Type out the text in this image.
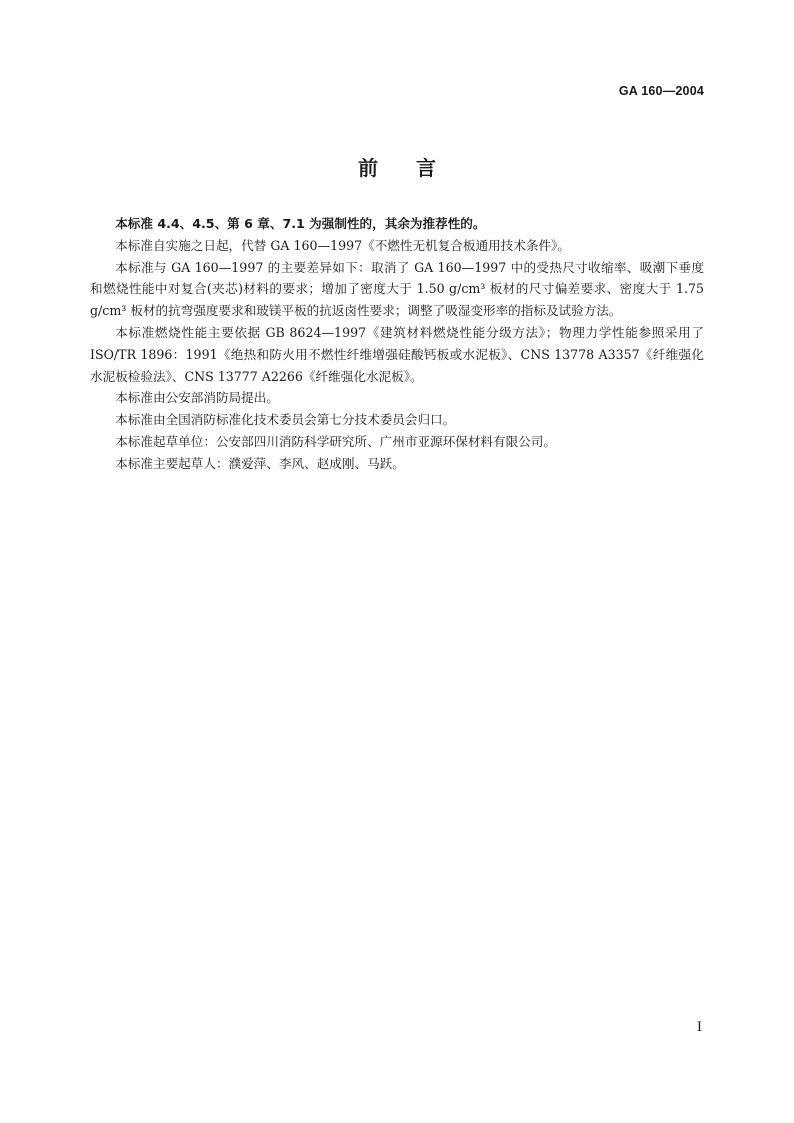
GA 160—2004
前 言

本标准 4.4、4.5、第 6 章、7.1 为强制性的，其余为推荐性的。

本标准自实施之日起，代替 GA 160—1997《不燃性无机复合板通用技术条件》。

本标准与 GA 160—1997 的主要差异如下：取消了 GA 160—1997 中的受热尺寸收缩率、吸潮下垂度和燃烧性能中对复合(夹芯)材料的要求；增加了密度大于 1.50 g/cm³ 板材的尺寸偏差要求、密度大于 1.75 g/cm³ 板材的抗弯强度要求和玻镁平板的抗返卤性要求；调整了吸湿变形率的指标及试验方法。

本标准燃烧性能主要依据 GB 8624—1997《建筑材料燃烧性能分级方法》；物理力学性能参照采用了 ISO/TR 1896：1991《绝热和防火用不燃性纤维增强硅酸钙板或水泥板》、CNS 13778 A3357《纤维强化水泥板检验法》、CNS 13777 A2266《纤维强化水泥板》。

本标准由公安部消防局提出。

本标准由全国消防标准化技术委员会第七分技术委员会归口。

本标准起草单位：公安部四川消防科学研究所、广州市亚源环保材料有限公司。

本标准主要起草人：濮爱萍、李风、赵成刚、马跃。

I
